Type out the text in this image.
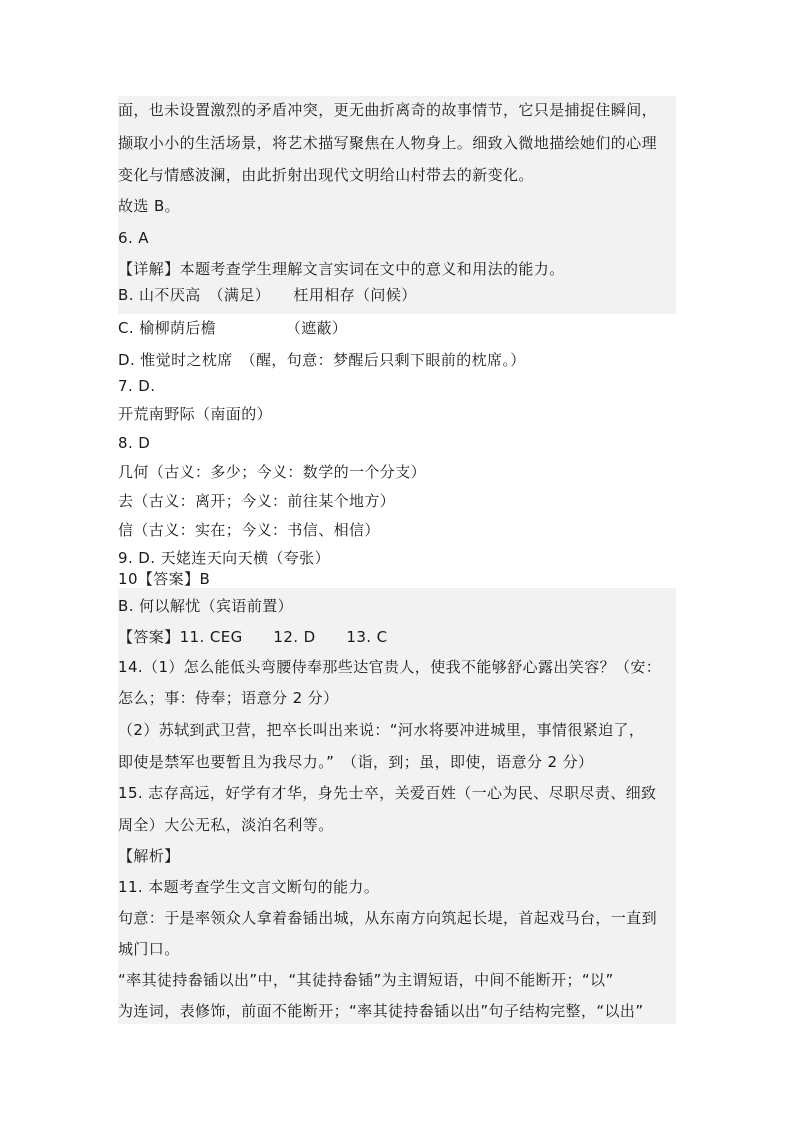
面，也未设置激烈的矛盾冲突，更无曲折离奇的故事情节，它只是捕捉住瞬间，
撷取小小的生活场景，将艺术描写聚焦在人物身上。细致入微地描绘她们的心理
变化与情感波澜，由此折射出现代文明给山村带去的新变化。
故选 B。
6. A
【详解】本题考查学生理解文言实词在文中的意义和用法的能力。
B. 山不厌高　（满足）　　枉用相存（问候）
C. 榆柳荫后檐　　　　　（遮蔽）
D. 惟觉时之枕席　（醒，句意：梦醒后只剩下眼前的枕席。）
7. D.
开荒南野际（南面的）
8. D
几何（古义：多少；今义：数学的一个分支）
去（古义：离开；今义：前往某个地方）
信（古义：实在；今义：书信、相信）
9. D. 天姥连天向天横（夸张）
10【答案】B
B. 何以解忧（宾语前置）
【答案】11. CEG　　12. D　　13. C
14.（1）怎么能低头弯腰侍奉那些达官贵人，使我不能够舒心露出笑容？（安：
怎么；事：侍奉；语意分 2 分）
（2）苏轼到武卫营，把卒长叫出来说：“河水将要冲进城里，事情很紧迫了，
即使是禁军也要暂且为我尽力。”　（诣，到；虽，即使，语意分 2 分）
15. 志存高远，好学有才华，身先士卒，关爱百姓（一心为民、尽职尽责、细致
周全）大公无私，淡泊名利等。
【解析】
11. 本题考查学生文言文断句的能力。
句意：于是率领众人拿着畚锸出城，从东南方向筑起长堤，首起戏马台，一直到
城门口。
“率其徒持畚锸以出”中，“其徒持畚锸”为主谓短语，中间不能断开；“以”
为连词，表修饰，前面不能断开；“率其徒持畚锸以出”句子结构完整，“以出”
